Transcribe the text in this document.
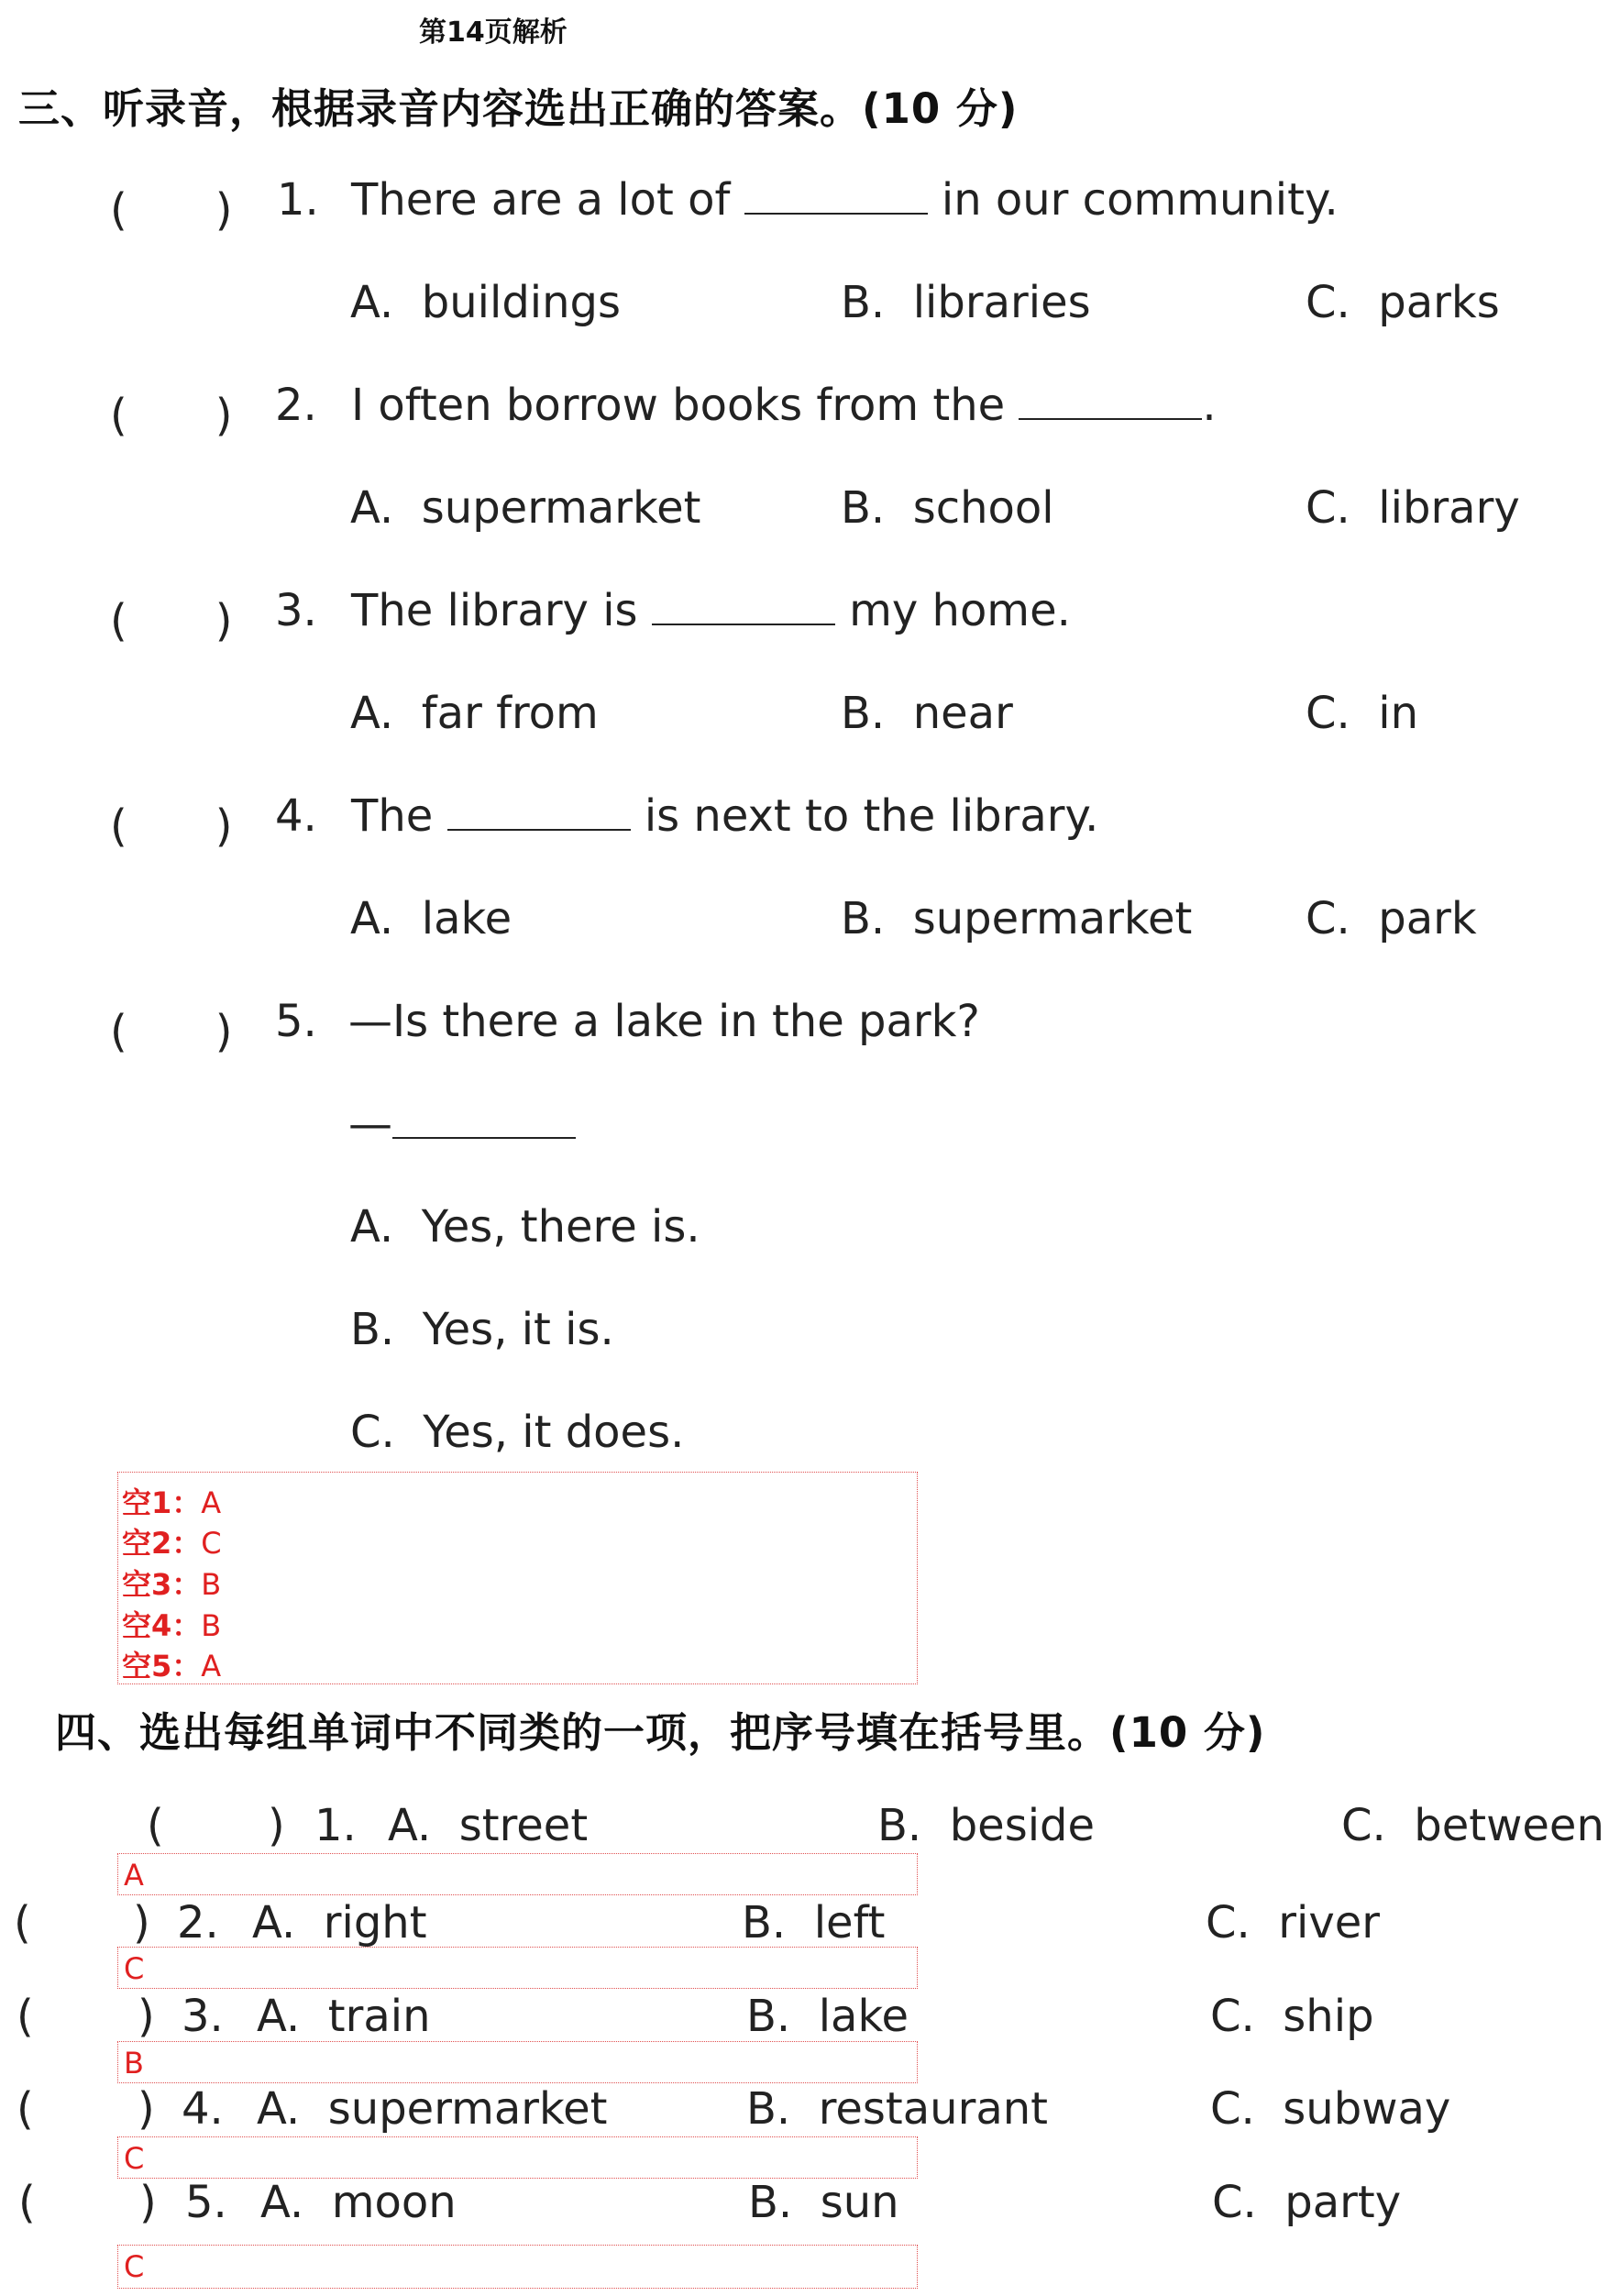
第14页解析
三、听录音，根据录音内容选出正确的答案。(10 分)
(　　) 1. There are a lot of	in our community.
A. buildings	B. libraries	C. parks
(　　) 2. I often borrow books from the	.
A. supermarket	B. school	C. library
(　　) 3. The library is	my home.
A. far from	B. near	C. in
(　　) 4. The	is next to the library.
A. lake	B. supermarket	C. park
(　　) 5. —Is there a lake in the park?
—
A. Yes, there is.
B. Yes, it is.
C. Yes, it does.
空1：A
空2：C
空3：B
空4：B
空5：A
四、选出每组单词中不同类的一项，把序号填在括号里。(10 分)
( ) 1. A. street	B. beside	C. between
A
( ) 2. A. right	B. left	C. river
C
( ) 3. A. train	B. lake	C. ship
B
( ) 4. A. supermarket	B. restaurant	C. subway
C
( ) 5. A. moon	B. sun	C. party
C
